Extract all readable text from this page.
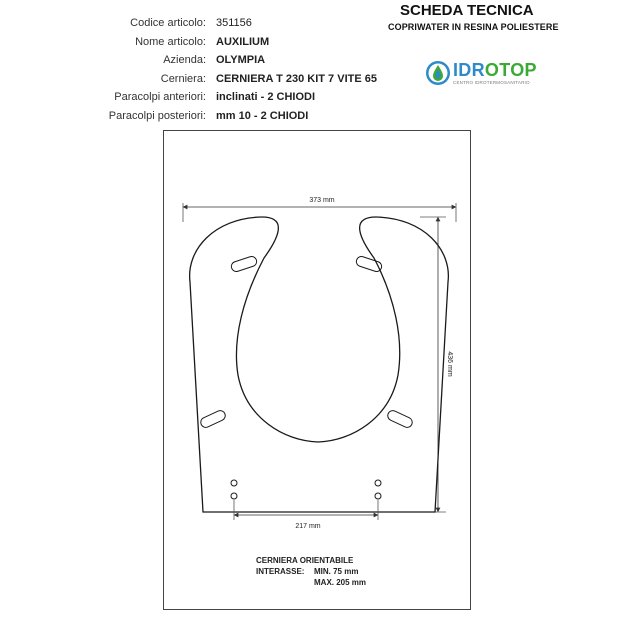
SCHEDA TECNICA
COPRIWATER IN RESINA POLIESTERE
Codice articolo: 351156
Nome articolo: AUXILIUM
Azienda: OLYMPIA
Cerniera: CERNIERA T 230 KIT 7 VITE 65
Paracolpi anteriori: inclinati - 2 CHIODI
Paracolpi posteriori: mm 10 - 2 CHIODI
IDROTOP
CENTRO IDROTERMOSANITARIO
373 mm
436 mm
217 mm
CERNIERA ORIENTABILE
INTERASSE: MIN. 75 mm
MAX. 205 mm
